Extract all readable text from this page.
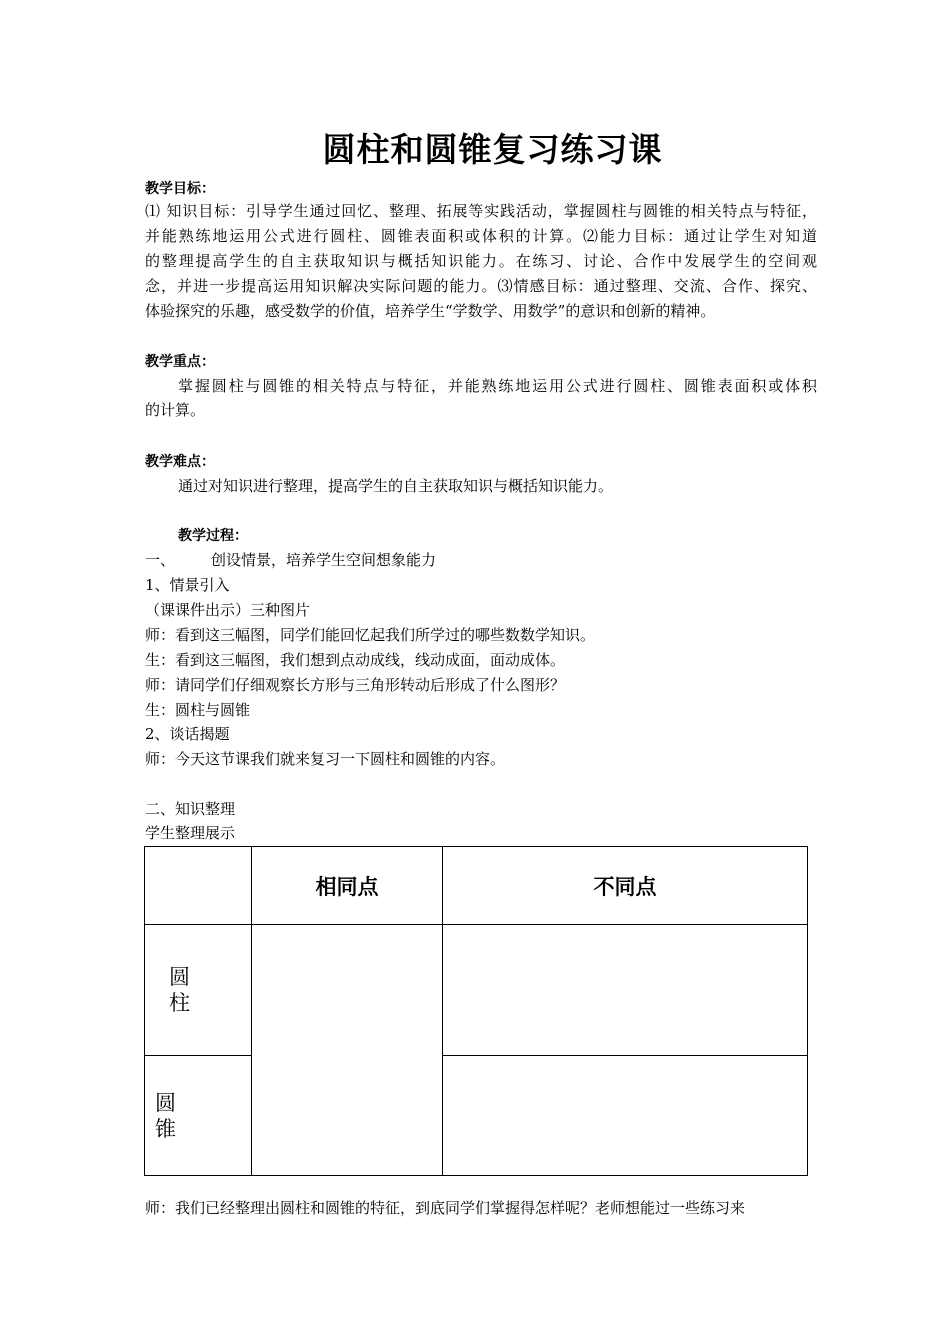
圆柱和圆锥复习练习课
教学目标：
⑴ 知识目标：引导学生通过回忆、整理、拓展等实践活动，掌握圆柱与圆锥的相关特点与特征，
并能熟练地运用公式进行圆柱、圆锥表面积或体积的计算。⑵能力目标：通过让学生对知道
的整理提高学生的自主获取知识与概括知识能力。在练习、讨论、合作中发展学生的空间观
念，并进一步提高运用知识解决实际问题的能力。⑶情感目标：通过整理、交流、合作、探究、
体验探究的乐趣，感受数学的价值，培养学生“学数学、用数学”的意识和创新的精神。
教学重点：
掌握圆柱与圆锥的相关特点与特征，并能熟练地运用公式进行圆柱、圆锥表面积或体积
的计算。
教学难点：
通过对知识进行整理，提高学生的自主获取知识与概括知识能力。
教学过程：
一、	创设情景，培养学生空间想象能力
1、情景引入
（课课件出示）三种图片
师：看到这三幅图，同学们能回忆起我们所学过的哪些数数学知识。
生：看到这三幅图，我们想到点动成线，线动成面，面动成体。
师：请同学们仔细观察长方形与三角形转动后形成了什么图形？
生：圆柱与圆锥
2、谈话揭题
师：今天这节课我们就来复习一下圆柱和圆锥的内容。
二、知识整理
学生整理展示
	相同点	不同点

圆
柱		

圆
锥		

师：我们已经整理出圆柱和圆锥的特征，到底同学们掌握得怎样呢？老师想能过一些练习来
